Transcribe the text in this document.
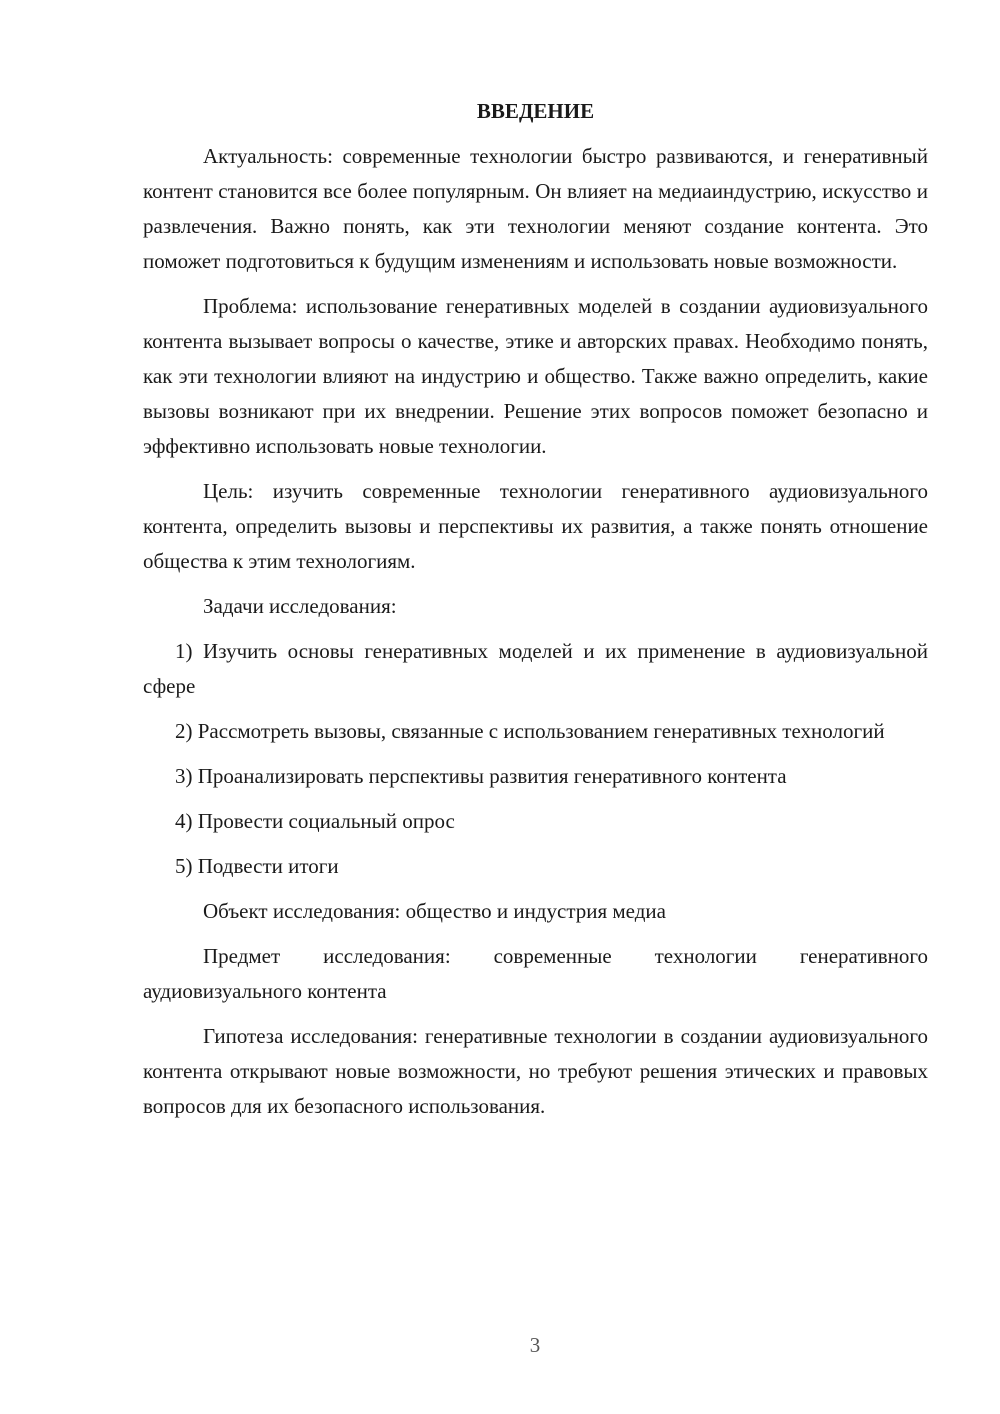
ВВЕДЕНИЕ

Актуальность: современные технологии быстро развиваются, и генеративный контент становится все более популярным. Он влияет на медиаиндустрию, искусство и развлечения. Важно понять, как эти технологии меняют создание контента. Это поможет подготовиться к будущим изменениям и использовать новые возможности.

Проблема: использование генеративных моделей в создании аудиовизуального контента вызывает вопросы о качестве, этике и авторских правах. Необходимо понять, как эти технологии влияют на индустрию и общество. Также важно определить, какие вызовы возникают при их внедрении. Решение этих вопросов поможет безопасно и эффективно использовать новые технологии.

Цель: изучить современные технологии генеративного аудиовизуального контента, определить вызовы и перспективы их развития, а также понять отношение общества к этим технологиям.

Задачи исследования:

1) Изучить основы генеративных моделей и их применение в аудиовизуальной сфере

2) Рассмотреть вызовы, связанные с использованием генеративных технологий

3) Проанализировать перспективы развития генеративного контента

4) Провести социальный опрос

5) Подвести итоги

Объект исследования: общество и индустрия медиа

Предмет исследования: современные технологии генеративного аудиовизуального контента

Гипотеза исследования: генеративные технологии в создании аудиовизуального контента открывают новые возможности, но требуют решения этических и правовых вопросов для их безопасного использования.

3
